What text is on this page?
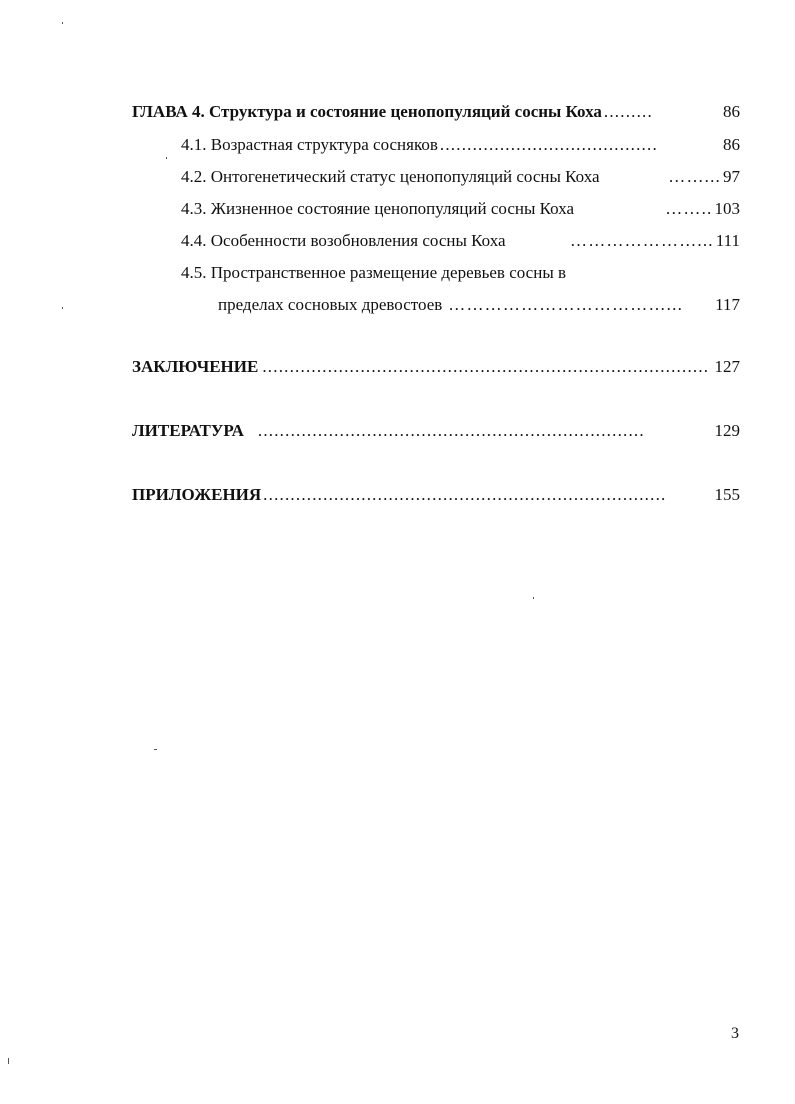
ГЛАВА 4. Структура и состояние ценопопуляций сосны Коха .........	86
4.1. Возрастная структура сосняков ........................................	86
4.2. Онтогенетический статус ценопопуляций сосны Коха	……... 97
4.3. Жизненное состояние ценопопуляций сосны Коха	…….. 103
4.4. Особенности возобновления сосны Коха	…………………... 111
4.5. Пространственное размещение деревьев сосны в
пределах сосновых древостоев ………………………………...	117
ЗАКЛЮЧЕНИЕ .................................................................................. 127
ЛИТЕРАТУРА .......................................................................	129
ПРИЛОЖЕНИЯ ..........................................................................	155
3
